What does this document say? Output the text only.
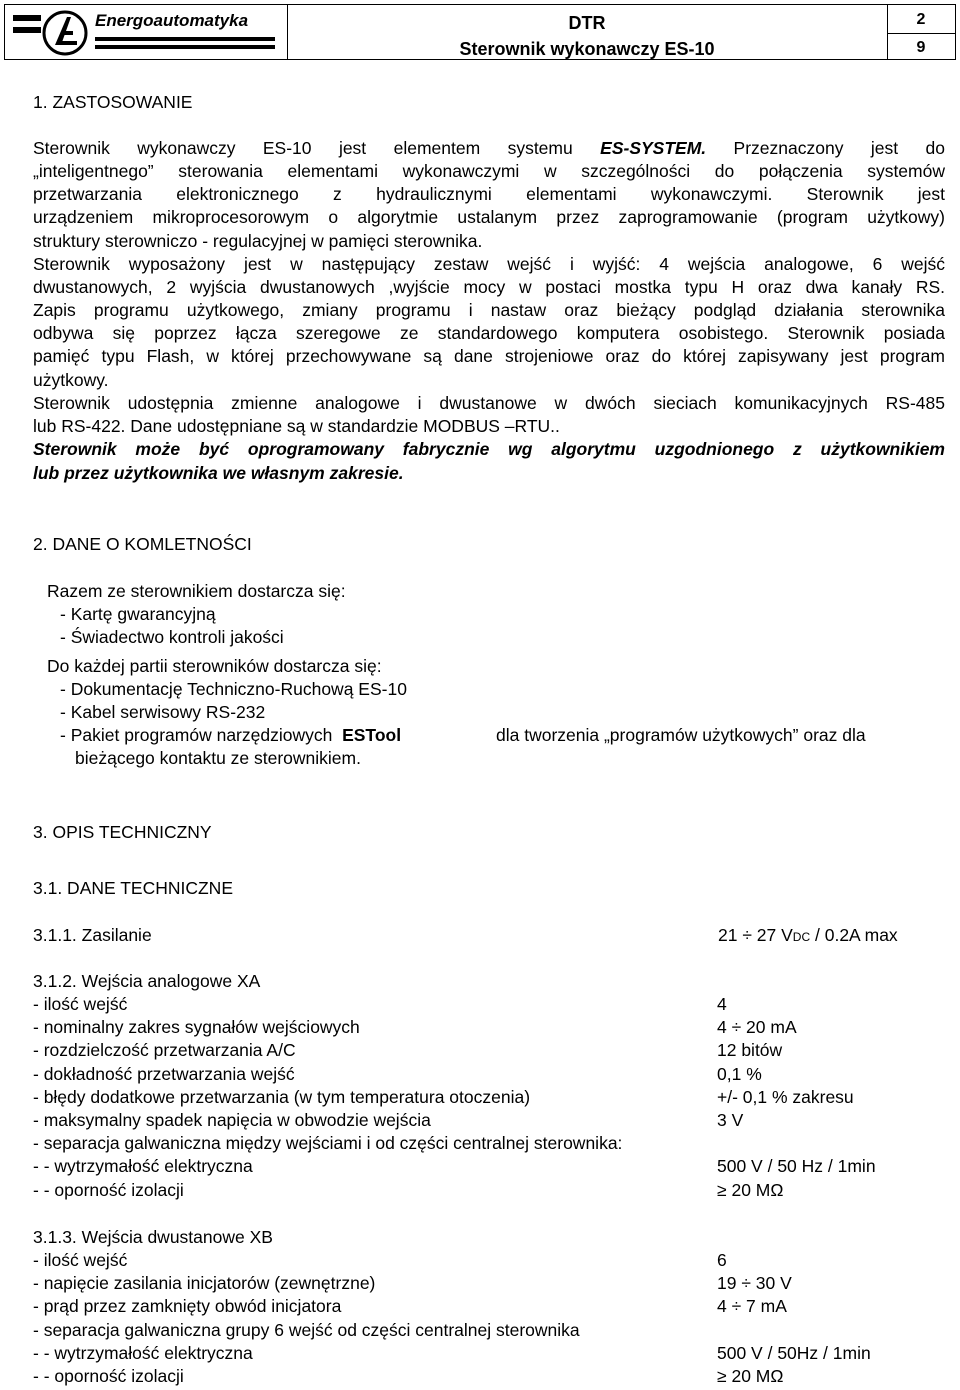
Energoautomatyka	DTR
Sterownik wykonawczy ES-10
2
9
1. ZASTOSOWANIE
Sterownik wykonawczy ES-10 jest elementem systemu ES-SYSTEM. Przeznaczony jest do
„inteligentnego” sterowania elementami wykonawczymi w szczególności do połączenia systemów
przetwarzania elektronicznego z hydraulicznymi elementami wykonawczymi. Sterownik jest
urządzeniem mikroprocesorowym o algorytmie ustalanym przez zaprogramowanie (program użytkowy)
struktury sterowniczo - regulacyjnej w pamięci sterownika.
Sterownik wyposażony jest w następujący zestaw wejść i wyjść: 4 wejścia analogowe, 6 wejść
dwustanowych, 2 wyjścia dwustanowych ,wyjście mocy w postaci mostka typu H oraz dwa kanały RS.
Zapis programu użytkowego, zmiany programu i nastaw oraz bieżący podgląd działania sterownika
odbywa się poprzez łącza szeregowe ze standardowego komputera osobistego. Sterownik posiada
pamięć typu Flash, w której przechowywane są dane strojeniowe oraz do której zapisywany jest program
użytkowy.
Sterownik udostępnia zmienne analogowe i dwustanowe w dwóch sieciach komunikacyjnych RS-485
lub RS-422. Dane udostępniane są w standardzie MODBUS –RTU..
Sterownik może być oprogramowany fabrycznie wg algorytmu uzgodnionego z użytkownikiem
lub przez użytkownika we własnym zakresie.
2. DANE O KOMLETNOŚCI
Razem ze sterownikiem dostarcza się:
- Kartę gwarancyjną
- Świadectwo kontroli jakości
Do każdej partii sterowników dostarcza się:
- Dokumentację Techniczno-Ruchową ES-10
- Kabel serwisowy RS-232
- Pakiet programów narzędziowych ESTool	dla tworzenia „programów użytkowych” oraz dla
bieżącego kontaktu ze sterownikiem.
3. OPIS TECHNICZNY
3.1. DANE TECHNICZNE
3.1.1. Zasilanie	21 ÷ 27 VDC / 0.2A max
3.1.2. Wejścia analogowe XA
- ilość wejść	4
- nominalny zakres sygnałów wejściowych	4 ÷ 20 mA
- rozdzielczość przetwarzania A/C	12 bitów
- dokładność przetwarzania wejść	0,1 %
- błędy dodatkowe przetwarzania (w tym temperatura otoczenia)	+/- 0,1 % zakresu
- maksymalny spadek napięcia w obwodzie wejścia	3 V
- separacja galwaniczna między wejściami i od części centralnej sterownika:
- - wytrzymałość elektryczna	500 V / 50 Hz / 1min
- - oporność izolacji	≥ 20 MΩ
3.1.3. Wejścia dwustanowe XB
- ilość wejść	6
- napięcie zasilania inicjatorów (zewnętrzne)	19 ÷ 30 V
- prąd przez zamknięty obwód inicjatora	4 ÷ 7 mA
- separacja galwaniczna grupy 6 wejść od części centralnej sterownika
- - wytrzymałość elektryczna	500 V / 50Hz / 1min
- - oporność izolacji	≥ 20 MΩ
